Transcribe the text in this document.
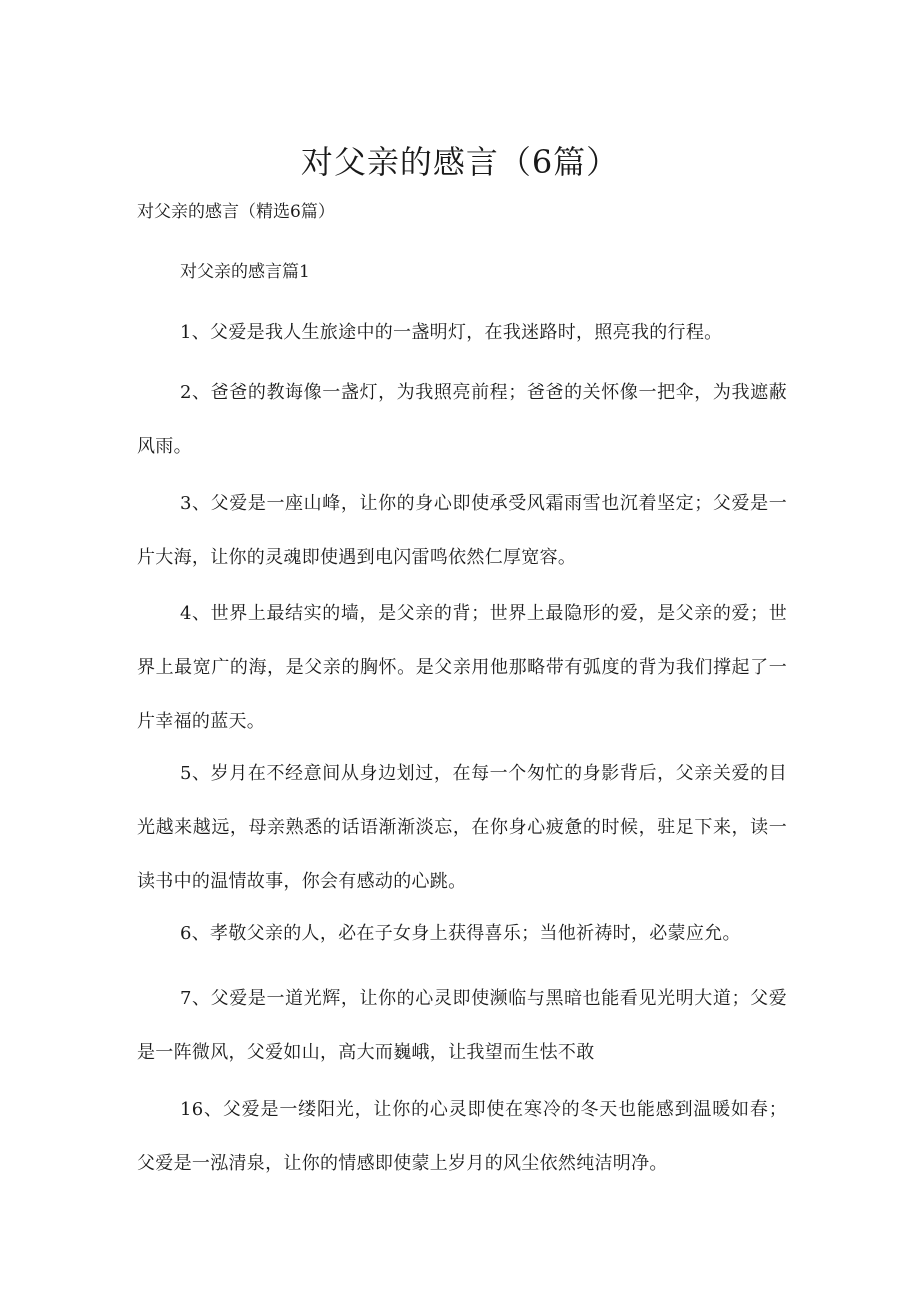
对父亲的感言（6篇）

对父亲的感言（精选6篇）

对父亲的感言篇1

1、父爱是我人生旅途中的一盏明灯，在我迷路时，照亮我的行程。

2、爸爸的教诲像一盏灯，为我照亮前程；爸爸的关怀像一把伞，为我遮蔽风雨。

3、父爱是一座山峰，让你的身心即使承受风霜雨雪也沉着坚定；父爱是一片大海，让你的灵魂即使遇到电闪雷鸣依然仁厚宽容。

4、世界上最结实的墙，是父亲的背；世界上最隐形的爱，是父亲的爱；世界上最宽广的海，是父亲的胸怀。是父亲用他那略带有弧度的背为我们撑起了一片幸福的蓝天。

5、岁月在不经意间从身边划过，在每一个匆忙的身影背后，父亲关爱的目光越来越远，母亲熟悉的话语渐渐淡忘，在你身心疲惫的时候，驻足下来，读一读书中的温情故事，你会有感动的心跳。

6、孝敬父亲的人，必在子女身上获得喜乐；当他祈祷时，必蒙应允。

7、父爱是一道光辉，让你的心灵即使濒临与黑暗也能看见光明大道；父爱是一阵微风，父爱如山，高大而巍峨，让我望而生怯不敢

16、父爱是一缕阳光，让你的心灵即使在寒冷的冬天也能感到温暖如春；父爱是一泓清泉，让你的情感即使蒙上岁月的风尘依然纯洁明净。
